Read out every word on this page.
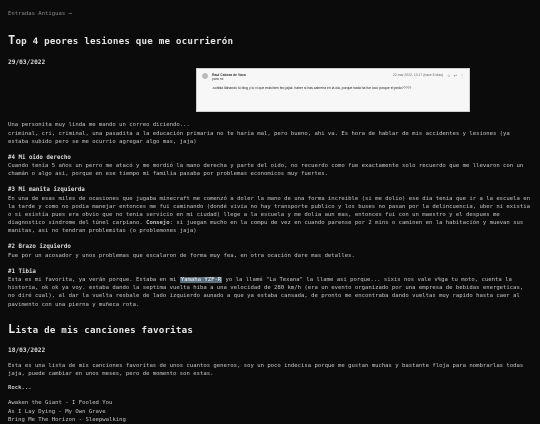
Entradas Antiguas →
Top 4 peores lesiones que me ocurrierón
29/03/2022
Una personita muy linda me mando un correo diciendo...
criminal, cri, criminal, una pasadita a la educación primaria no te haría mal, pero bueno, ahi va. Es hora de hablar de mis accidentes y lesiones (ya estaba subido pero se me ocurrio agregar algo mas, jaja)
#4 Mi oido derecho
Cuando tenía 5 años un perro me atacó y me mordió la mano derecha y parte del oido, no recuerdo como fue exactamente solo recuerdo que me llevaron con un chamán o algo asi, porque en ese tiempo mi familia pasaba por problemas economicos muy fuertes.
#3 Mi manita izquierda
En una de esas miles de ocasiones que jugaba minecraft me comenzó a doler la mano de una forma increible (si me dolio) ese dia tenia que ir a la escuela en la tarde y como no podia manejar entonces me fui caminando (dondé vivia no hay transporte publico y los buses no pasan por la delincuencia, uber ni existia o si existía pues era obvio que no tenia servicio en mi ciudad) llege a la escuela y me dolia aun mas, entonces fui con un maestro y el despues me diagnostico sindrome del túnel carpiano. Consejo: si juegan mucho en la compu de vez en cuando parense por 2 mins o caminen en la habitación y muevan sus manitas, asi no tendran problemitas (o problemones jaja)
#2 Brazo izquierdo
Fue por un acosador y unos problemas que escalaron de forma muy fea, en otra ocación dare mas detalles.
#1 Tibia
Esta es mi favorita, ya verán porque. Estaba en mi Yamaha YZF-R yo la llamé "La Texana" la llame asi porque... sixis nos vale v%ga tu moto, cuenta la historia, ok ok ya voy. estaba dando la septima vuelta hiba a una velocidad de 280 km/h (era un evento organizado por una empresa de bebidas energeticas, no diré cual), al dar la vuelta resbale de lado izquierdo aunado a que ya estaba cansada, de pronto me encontraba dando vueltas muy rapido hasta caer al pavimento con una pierna y muñeca rota.
Lista de mis canciones favoritas
18/03/2022
Esta es una lista de mis canciones favoritas de unos cuantos generos, soy un poco indecisa porque me gustan muchas y bastante floja para nombrarlas todas jaja, puede cambiar en unos meses, pero de momento son estas.
Rock...
Awaken the Giant - I Fooled You
As I Lay Dying - My Own Grave
Bring Me The Horizon - Sleepwalking
Raul Cabeza de Vaca
para mí
22 mar 2022, 10:17 (hace 8 días) ☆ ↩ ⋮
-sohbia llahando tu blog y lo vi que esta bien feo jajak. haber si has cabreira en la ola, porque nada ha fue loco porque el pedo?????
